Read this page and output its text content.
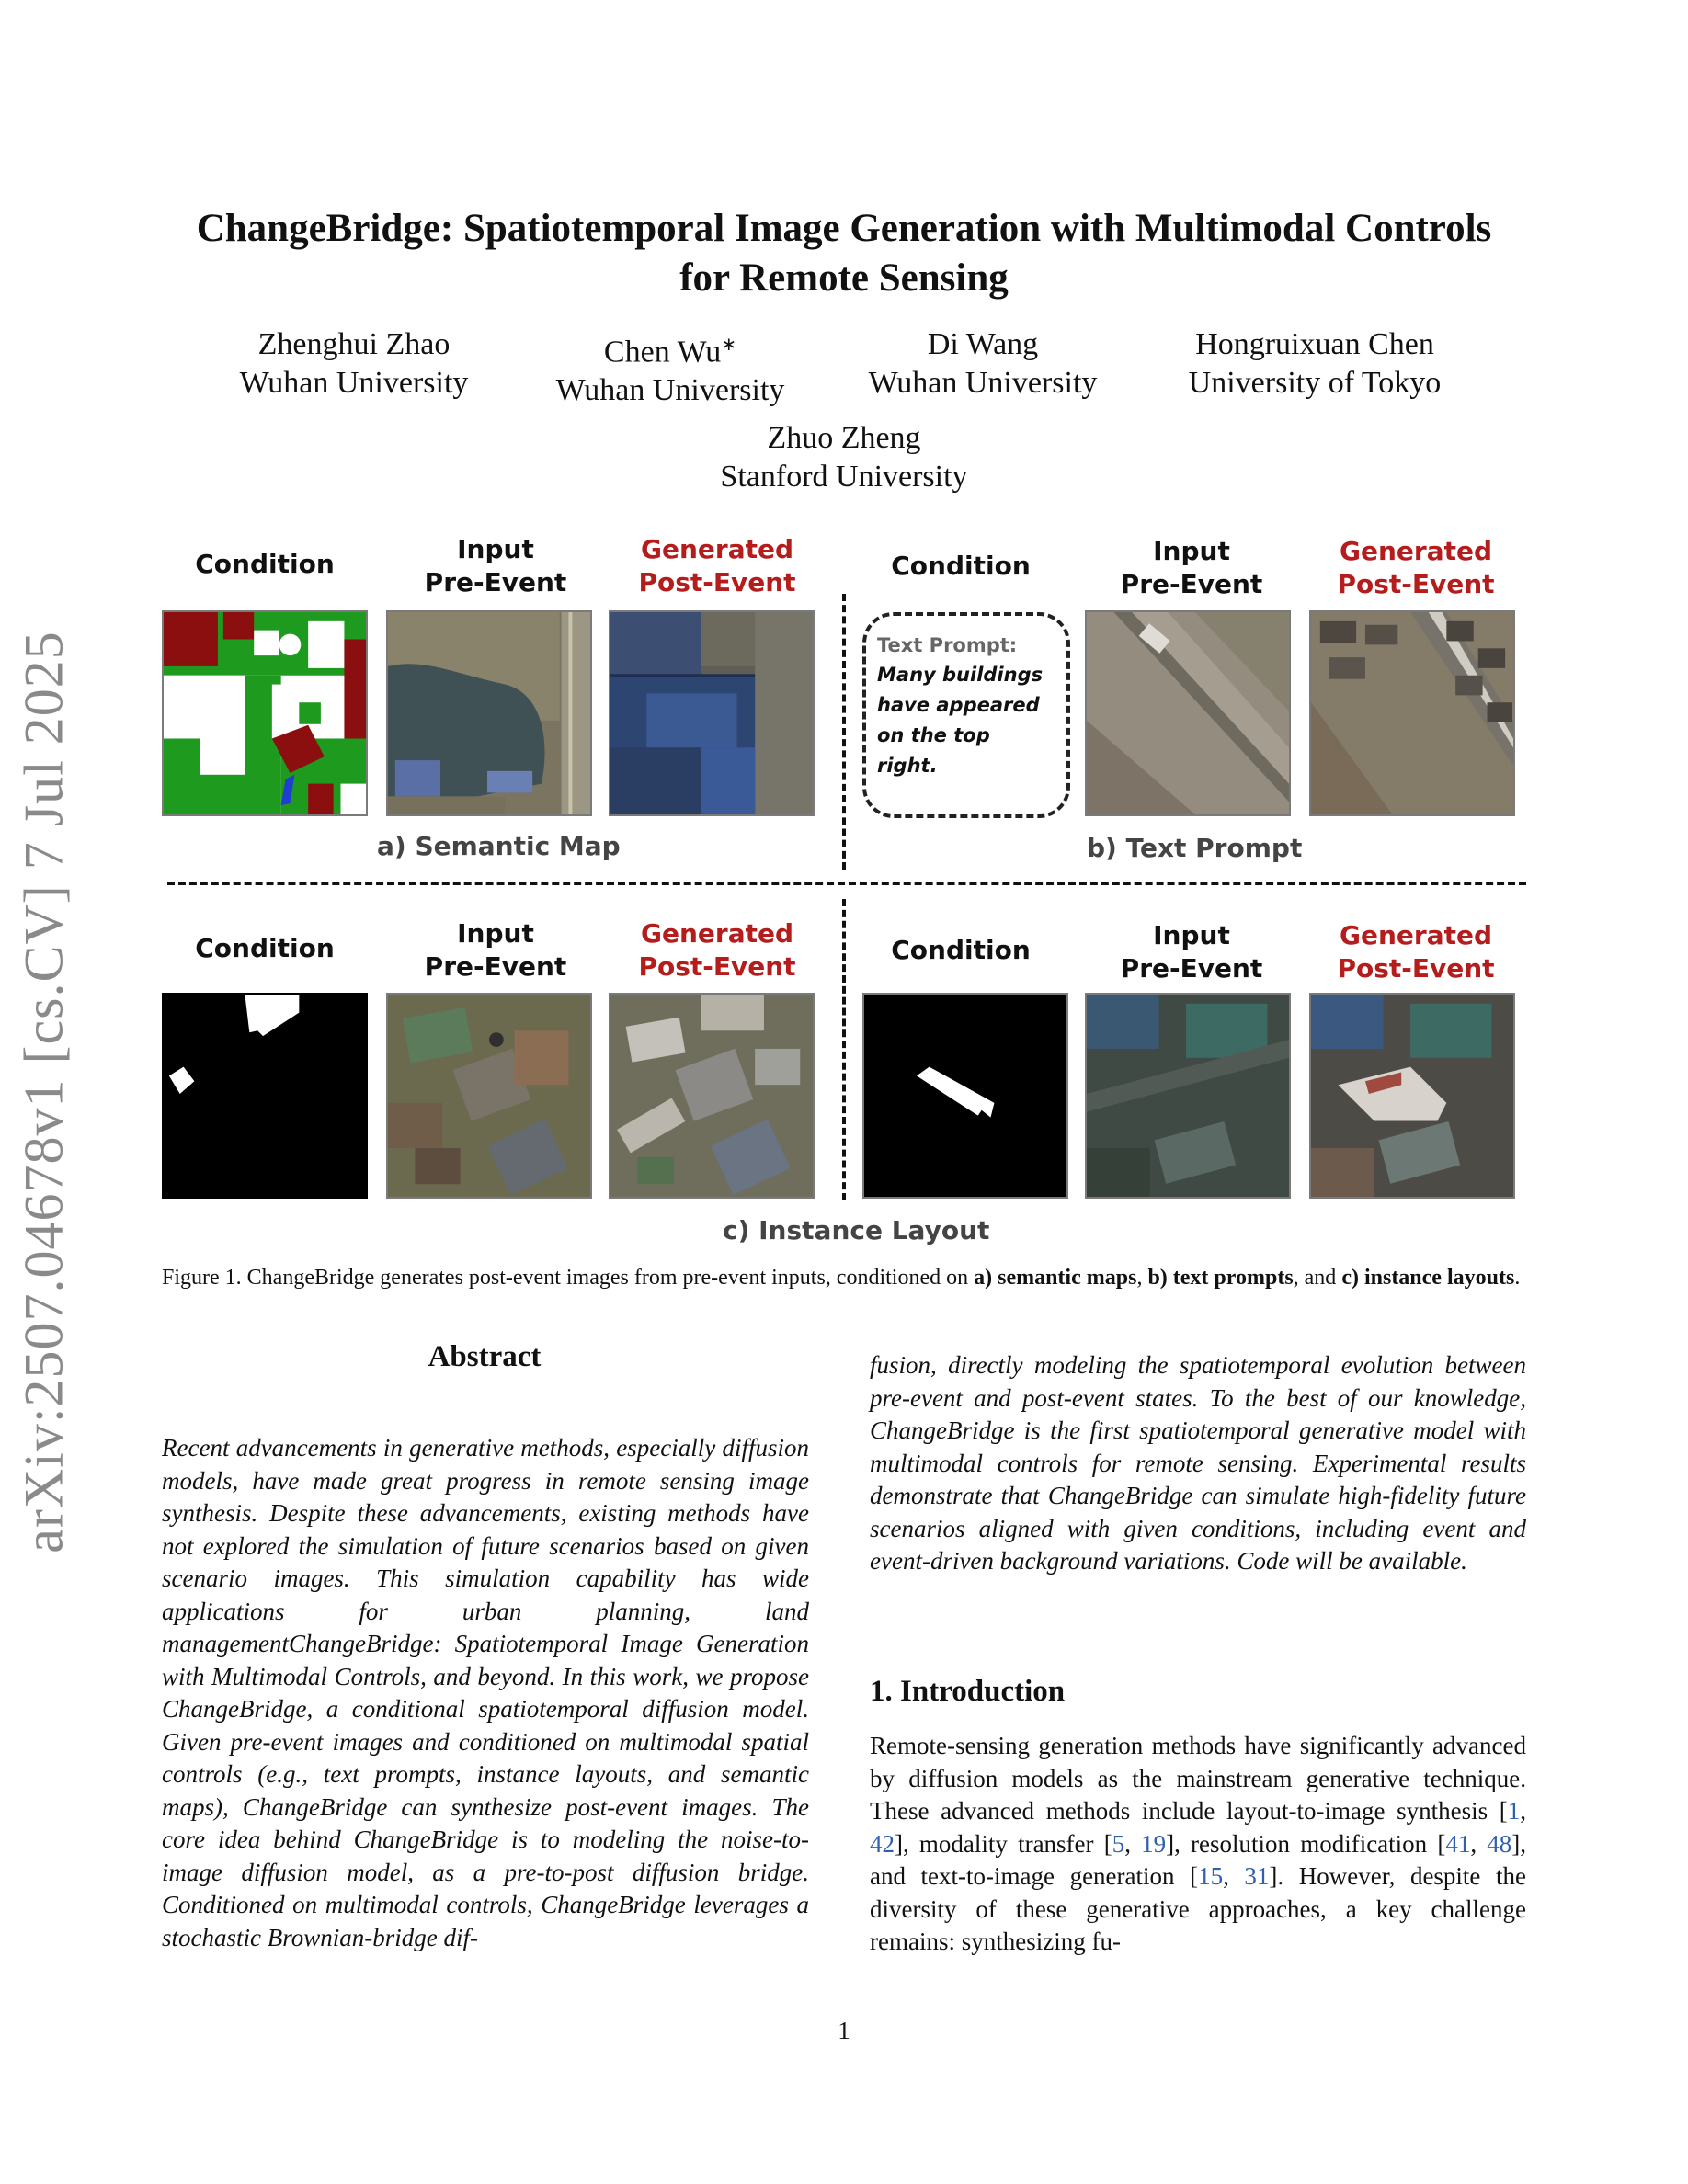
arXiv:2507.04678v1 [cs.CV] 7 Jul 2025
ChangeBridge: Spatiotemporal Image Generation with Multimodal Controls
for Remote Sensing
Zhenghui Zhao
Wuhan University
Chen Wu∗
Wuhan University
Di Wang
Wuhan University
Hongruixuan Chen
University of Tokyo
Zhuo Zheng
Stanford University
Condition	Input
Pre-Event
Generated
Post-Event
Condition	Input
Pre-Event
Generated
Post-Event
Text Prompt:
Many buildings
have appeared
on the top right.
a) Semantic Map	b) Text Prompt
Condition	Input
Pre-Event
Generated
Post-Event
Condition	Input
Pre-Event
Generated
Post-Event
c) Instance Layout
Figure 1. ChangeBridge generates post-event images from pre-event inputs, conditioned on a) semantic maps, b) text prompts, and c) instance layouts.
Abstract
Recent advancements in generative methods, especially diffusion models, have made great progress in remote sensing image synthesis. Despite these advancements, existing methods have not explored the simulation of future scenarios based on given scenario images. This simulation capability has wide applications for urban planning, land managementChangeBridge: Spatiotemporal Image Generation with Multimodal Controls, and beyond. In this work, we propose ChangeBridge, a conditional spatiotemporal diffusion model. Given pre-event images and conditioned on multimodal spatial controls (e.g., text prompts, instance layouts, and semantic maps), ChangeBridge can synthesize post-event images. The core idea behind ChangeBridge is to modeling the noise-to-image diffusion model, as a pre-to-post diffusion bridge. Conditioned on multimodal controls, ChangeBridge leverages a stochastic Brownian-bridge dif-
fusion, directly modeling the spatiotemporal evolution between pre-event and post-event states. To the best of our knowledge, ChangeBridge is the first spatiotemporal generative model with multimodal controls for remote sensing. Experimental results demonstrate that ChangeBridge can simulate high-fidelity future scenarios aligned with given conditions, including event and event-driven background variations. Code will be available.
1. Introduction
Remote-sensing generation methods have significantly advanced by diffusion models as the mainstream generative technique. These advanced methods include layout-to-image synthesis [1, 42], modality transfer [5, 19], resolution modification [41, 48], and text-to-image generation [15, 31]. However, despite the diversity of these generative approaches, a key challenge remains: synthesizing fu-
1
